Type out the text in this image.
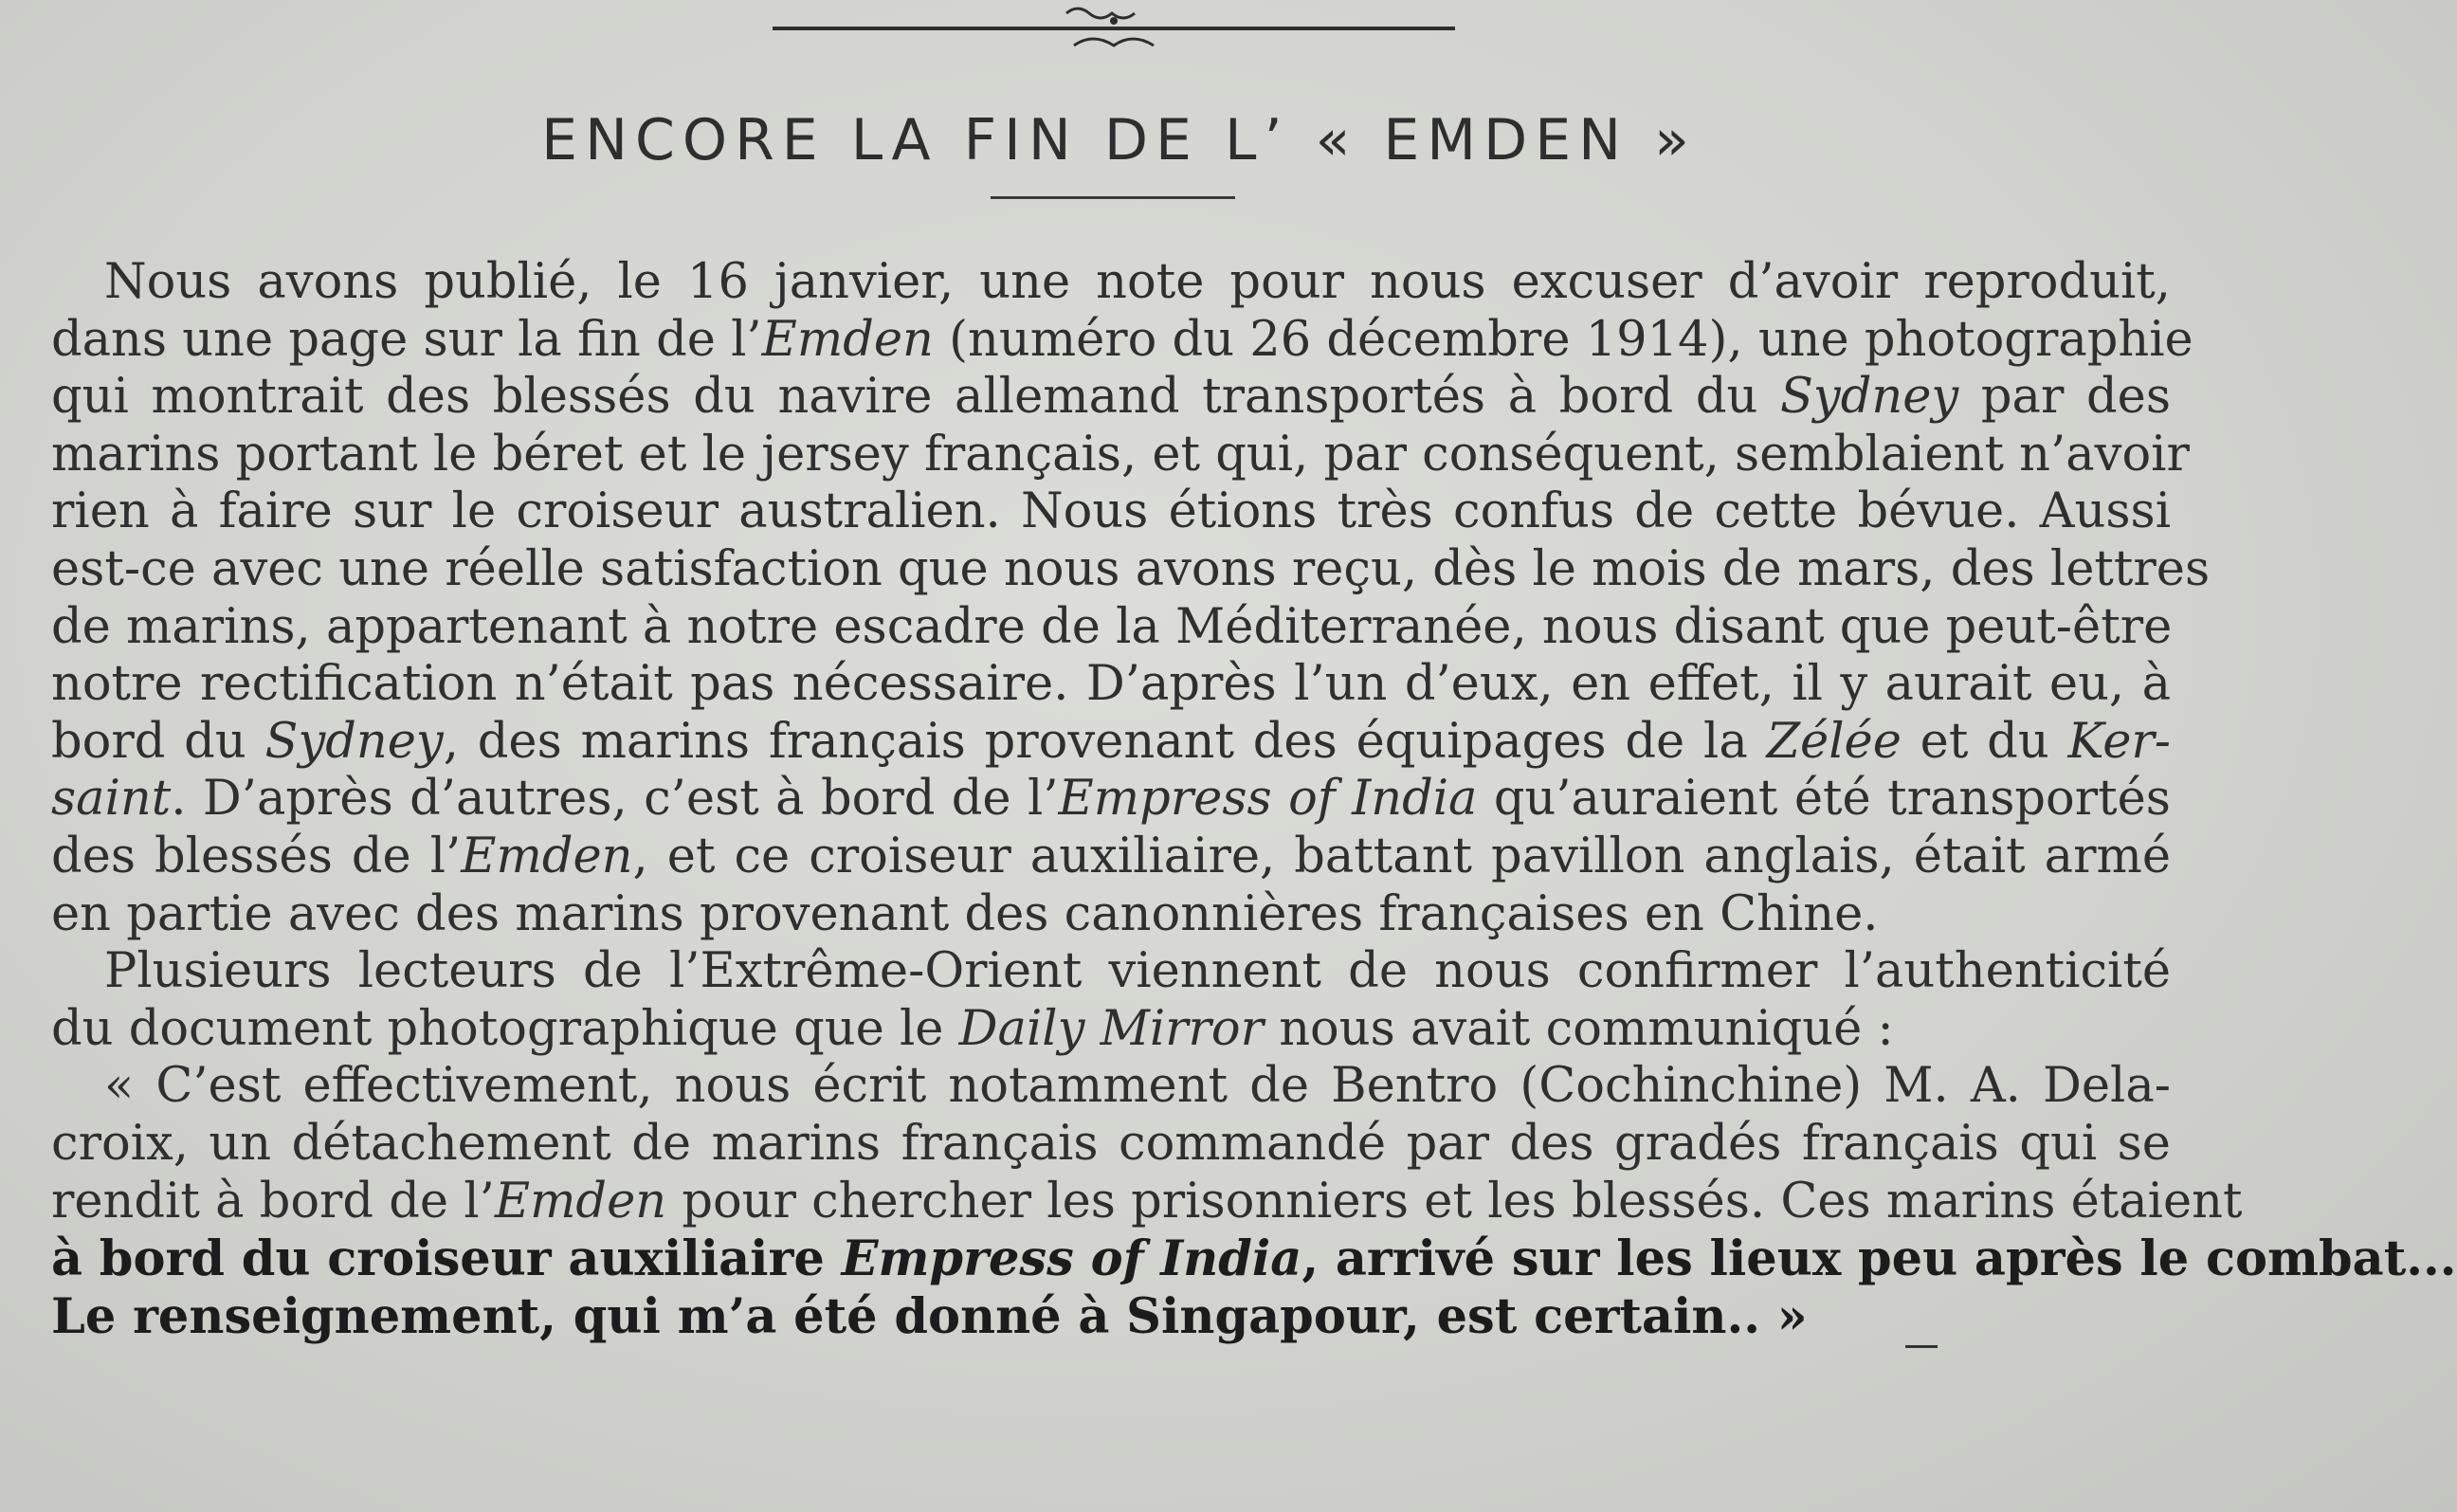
ENCORE LA FIN DE L’ « EMDEN »
Nous avons publié, le 16 janvier, une note pour nous excuser d’avoir reproduit,
dans une page sur la fin de l’Emden (numéro du 26 décembre 1914), une photographie
qui montrait des blessés du navire allemand transportés à bord du Sydney par des
marins portant le béret et le jersey français, et qui, par conséquent, semblaient n’avoir
rien à faire sur le croiseur australien. Nous étions très confus de cette bévue. Aussi
est-ce avec une réelle satisfaction que nous avons reçu, dès le mois de mars, des lettres
de marins, appartenant à notre escadre de la Méditerranée, nous disant que peut-être
notre rectification n’était pas nécessaire. D’après l’un d’eux, en effet, il y aurait eu, à
bord du Sydney, des marins français provenant des équipages de la Zélée et du Ker-
saint. D’après d’autres, c’est à bord de l’Empress of India qu’auraient été transportés
des blessés de l’Emden, et ce croiseur auxiliaire, battant pavillon anglais, était armé
en partie avec des marins provenant des canonnières françaises en Chine.
Plusieurs lecteurs de l’Extrême-Orient viennent de nous confirmer l’authenticité
du document photographique que le Daily Mirror nous avait communiqué :
« C’est effectivement, nous écrit notamment de Bentro (Cochinchine) M. A. Dela-
croix, un détachement de marins français commandé par des gradés français qui se
rendit à bord de l’Emden pour chercher les prisonniers et les blessés. Ces marins étaient
à bord du croiseur auxiliaire Empress of India, arrivé sur les lieux peu après le combat...
Le renseignement, qui m’a été donné à Singapour, est certain.. »
